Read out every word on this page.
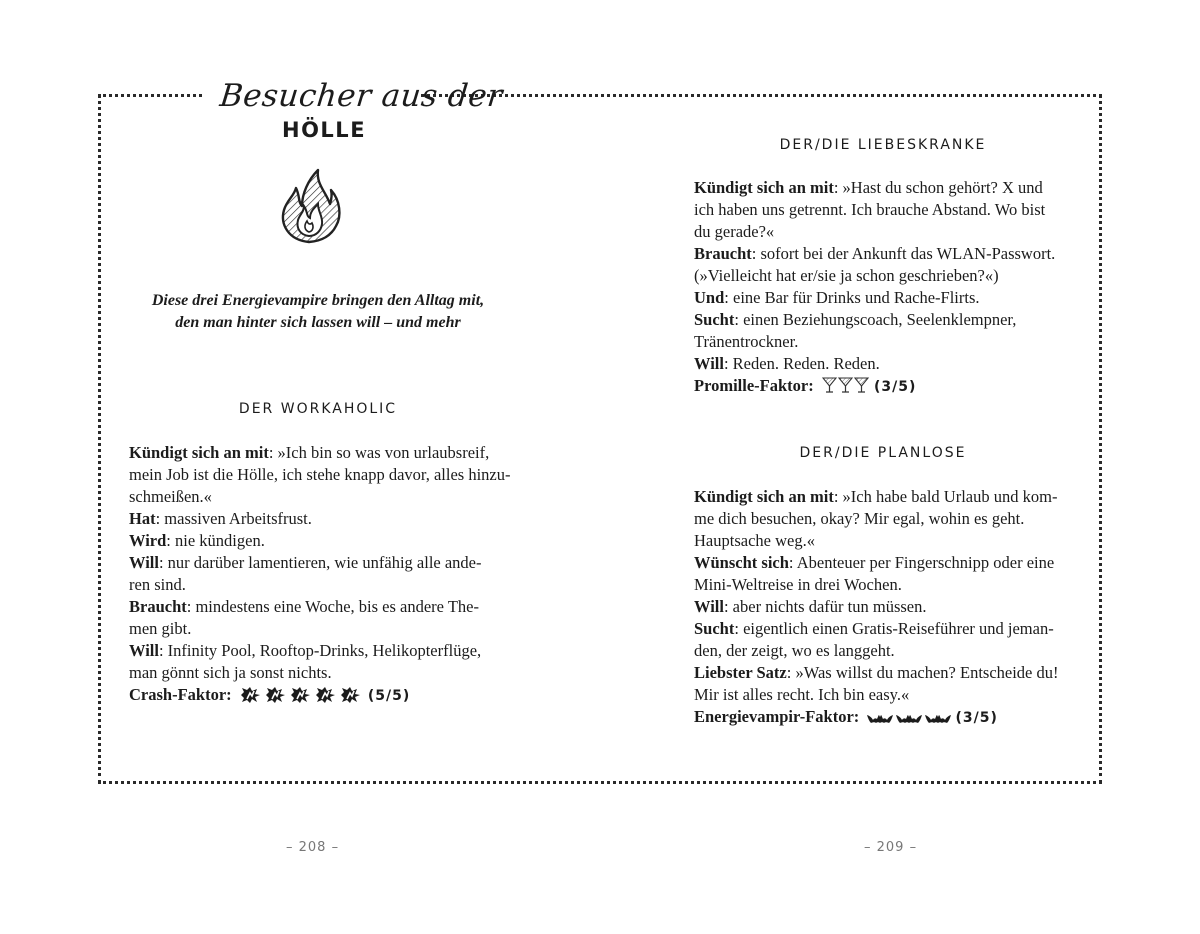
Besucher aus der
HÖLLE
Diese drei Energievampire bringen den Alltag mit,
den man hinter sich lassen will – und mehr
DER WORKAHOLIC
Kündigt sich an mit: »Ich bin so was von urlaubsreif,
mein Job ist die Hölle, ich stehe knapp davor, alles hinzu-
schmeißen.«
Hat: massiven Arbeitsfrust.
Wird: nie kündigen.
Will: nur darüber lamentieren, wie unfähig alle ande-
ren sind.
Braucht: mindestens eine Woche, bis es andere The-
men gibt.
Will: Infinity Pool, Rooftop-Drinks, Helikopterflüge,
man gönnt sich ja sonst nichts.
Crash-Faktor:	(5/5)
DER/DIE LIEBESKRANKE
Kündigt sich an mit: »Hast du schon gehört? X und
ich haben uns getrennt. Ich brauche Abstand. Wo bist
du gerade?«
Braucht: sofort bei der Ankunft das WLAN-Passwort.
(»Vielleicht hat er/sie ja schon geschrieben?«)
Und: eine Bar für Drinks und Rache-Flirts.
Sucht: einen Beziehungscoach, Seelenklempner,
Tränentrockner.
Will: Reden. Reden. Reden.
Promille-Faktor:	(3/5)
DER/DIE PLANLOSE
Kündigt sich an mit: »Ich habe bald Urlaub und kom-
me dich besuchen, okay? Mir egal, wohin es geht.
Hauptsache weg.«
Wünscht sich: Abenteuer per Fingerschnipp oder eine
Mini-Weltreise in drei Wochen.
Will: aber nichts dafür tun müssen.
Sucht: eigentlich einen Gratis-Reiseführer und jeman-
den, der zeigt, wo es langgeht.
Liebster Satz: »Was willst du machen? Entscheide du!
Mir ist alles recht. Ich bin easy.«
Energievampir-Faktor:	(3/5)
– 208 –	– 209 –
